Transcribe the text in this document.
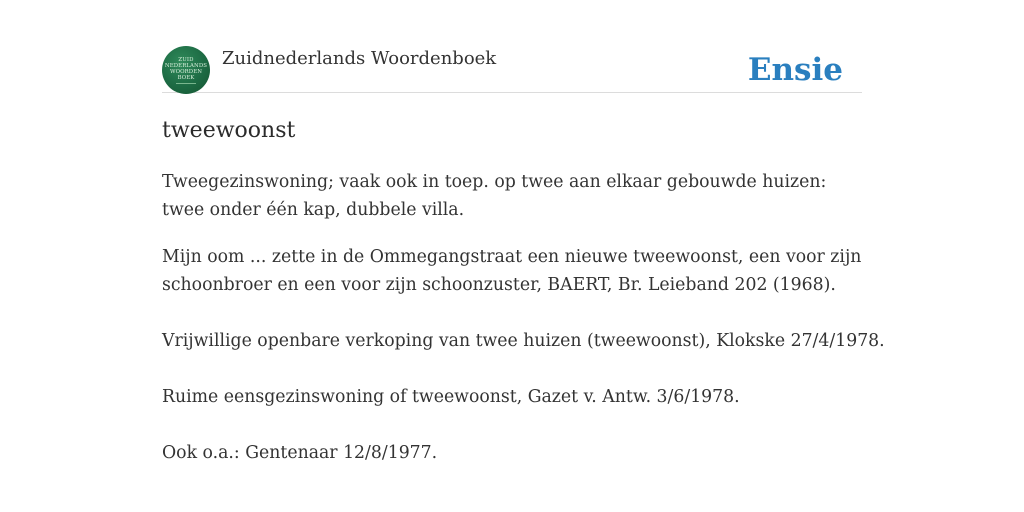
ZUID
NEDERLANDS
WOORDEN
BOEK
Zuidnederlands Woordenboek	Ensie
tweewoonst

Tweegezinswoning; vaak ook in toep. op twee aan elkaar gebouwde huizen: twee onder één kap, dubbele villa.

Mijn oom ... zette in de Ommegangstraat een nieuwe tweewoonst, een voor zijn schoonbroer en een voor zijn schoonzuster, BAERT, Br. Leieband 202 (1968).

Vrijwillige openbare verkoping van twee huizen (tweewoonst), Klokske 27/4/1978.

Ruime eensgezinswoning of tweewoonst, Gazet v. Antw. 3/6/1978.

Ook o.a.: Gentenaar 12/8/1977.
